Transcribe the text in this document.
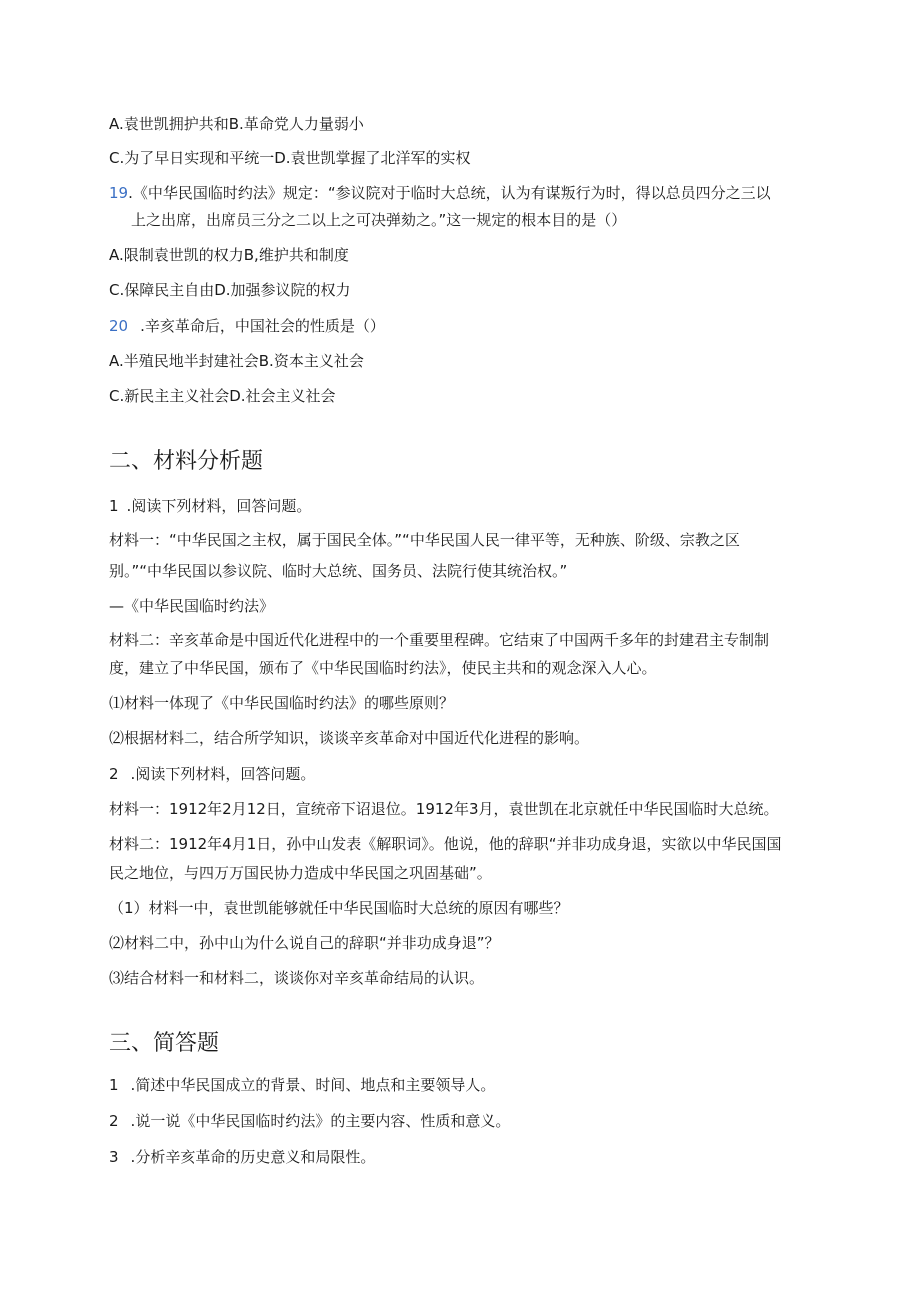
A.袁世凯拥护共和B.革命党人力量弱小
C.为了早日实现和平统一D.袁世凯掌握了北洋军的实权
19.《中华民国临时约法》规定：“参议院对于临时大总统，认为有谋叛行为时，得以总员四分之三以
上之出席，出席员三分之二以上之可决弹劾之。”这一规定的根本目的是（）
A.限制袁世凯的权力B,维护共和制度
C.保障民主自由D.加强参议院的权力
20 .辛亥革命后，中国社会的性质是（）
A.半殖民地半封建社会B.资本主义社会
C.新民主主义社会D.社会主义社会
二、材料分析题
1 .阅读下列材料，回答问题。
材料一：“中华民国之主权，属于国民全体。”“中华民国人民一律平等，无种族、阶级、宗教之区
别。”“中华民国以参议院、临时大总统、国务员、法院行使其统治权。”
—《中华民国临时约法》
材料二：辛亥革命是中国近代化进程中的一个重要里程碑。它结束了中国两千多年的封建君主专制制
度，建立了中华民国，颁布了《中华民国临时约法》，使民主共和的观念深入人心。
⑴材料一体现了《中华民国临时约法》的哪些原则？
⑵根据材料二，结合所学知识，谈谈辛亥革命对中国近代化进程的影响。
2 .阅读下列材料，回答问题。
材料一：1912年2月12日，宣统帝下诏退位。1912年3月，袁世凯在北京就任中华民国临时大总统。
材料二：1912年4月1日，孙中山发表《解职词》。他说，他的辞职“并非功成身退，实欲以中华民国国
民之地位，与四万万国民协力造成中华民国之巩固基础”。
（1）材料一中，袁世凯能够就任中华民国临时大总统的原因有哪些？
⑵材料二中，孙中山为什么说自己的辞职“并非功成身退”？
⑶结合材料一和材料二，谈谈你对辛亥革命结局的认识。
三、简答题
1 .简述中华民国成立的背景、时间、地点和主要领导人。
2 .说一说《中华民国临时约法》的主要内容、性质和意义。
3 .分析辛亥革命的历史意义和局限性。
